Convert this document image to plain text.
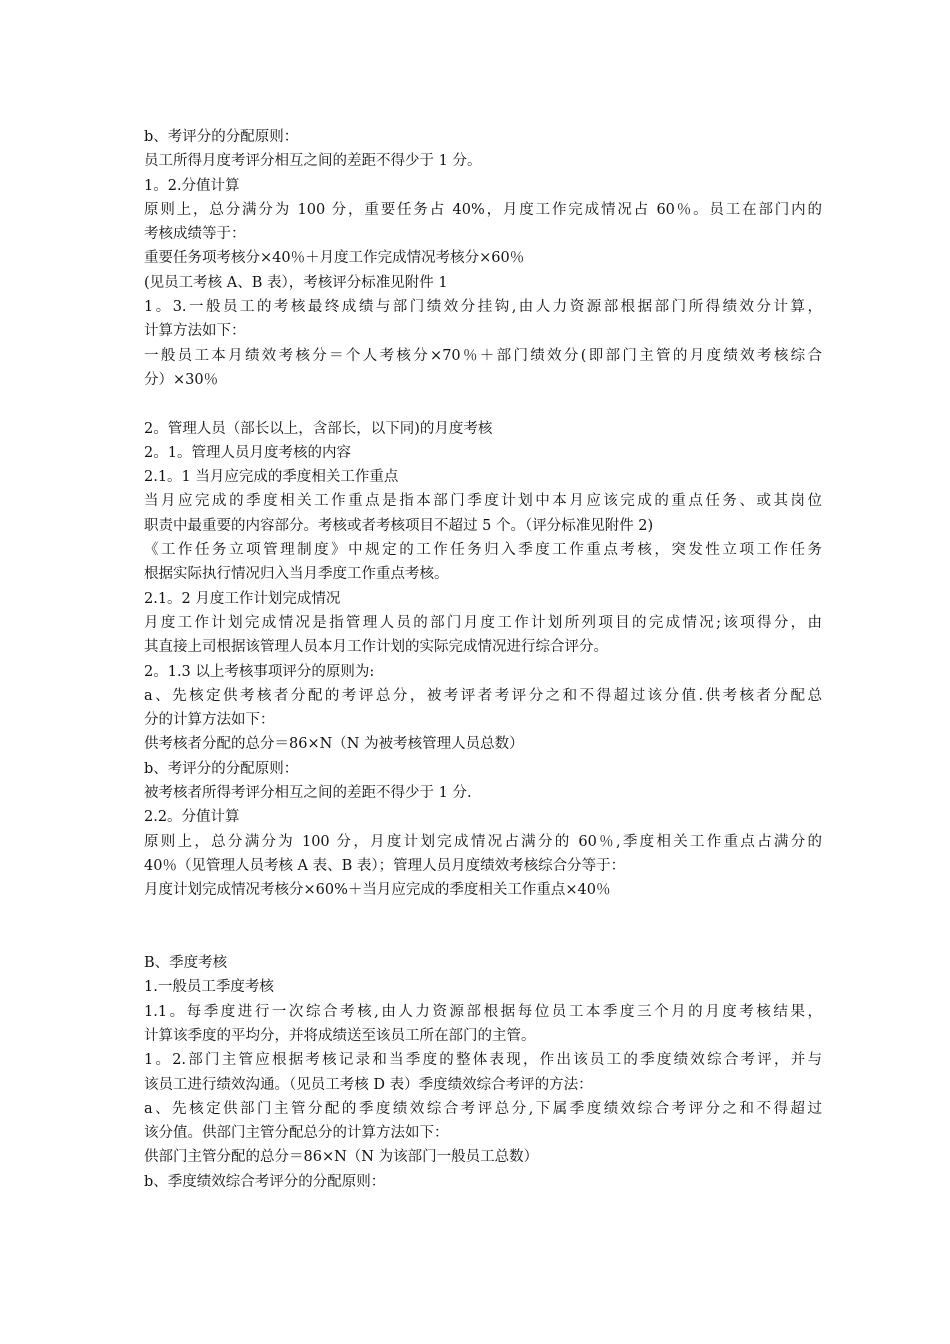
b、考评分的分配原则：
员工所得月度考评分相互之间的差距不得少于 1 分。
1。2.分值计算
原则上，总分满分为 100 分，重要任务占 40%，月度工作完成情况占 60％。员工在部门内的
考核成绩等于：
重要任务项考核分×40％＋月度工作完成情况考核分×60％
(见员工考核 A、B 表），考核评分标准见附件 1
1。3.一般员工的考核最终成绩与部门绩效分挂钩,由人力资源部根据部门所得绩效分计算，
计算方法如下：
一般员工本月绩效考核分＝个人考核分×70％＋部门绩效分(即部门主管的月度绩效考核综合
分）×30％
2。管理人员（部长以上，含部长，以下同)的月度考核
2。1。管理人员月度考核的内容
2.1。1 当月应完成的季度相关工作重点
当月应完成的季度相关工作重点是指本部门季度计划中本月应该完成的重点任务、或其岗位
职责中最重要的内容部分。考核或者考核项目不超过 5 个。（评分标准见附件 2)
《工作任务立项管理制度》中规定的工作任务归入季度工作重点考核，突发性立项工作任务
根据实际执行情况归入当月季度工作重点考核。
2.1。2 月度工作计划完成情况
月度工作计划完成情况是指管理人员的部门月度工作计划所列项目的完成情况;该项得分，由
其直接上司根据该管理人员本月工作计划的实际完成情况进行综合评分。
2。1.3 以上考核事项评分的原则为:
a、先核定供考核者分配的考评总分，被考评者考评分之和不得超过该分值.供考核者分配总
分的计算方法如下：
供考核者分配的总分＝86×N（N 为被考核管理人员总数）
b、考评分的分配原则：
被考核者所得考评分相互之间的差距不得少于 1 分.
2.2。分值计算
原则上，总分满分为 100 分，月度计划完成情况占满分的 60％,季度相关工作重点占满分的
40％（见管理人员考核 A 表、B 表）；管理人员月度绩效考核综合分等于：
月度计划完成情况考核分×60%＋当月应完成的季度相关工作重点×40％
B、季度考核
1.一般员工季度考核
1.1。每季度进行一次综合考核,由人力资源部根据每位员工本季度三个月的月度考核结果，
计算该季度的平均分，并将成绩送至该员工所在部门的主管。
1。2.部门主管应根据考核记录和当季度的整体表现，作出该员工的季度绩效综合考评，并与
该员工进行绩效沟通。（见员工考核 D 表）季度绩效综合考评的方法：
a、先核定供部门主管分配的季度绩效综合考评总分,下属季度绩效综合考评分之和不得超过
该分值。供部门主管分配总分的计算方法如下：
供部门主管分配的总分＝86×N（N 为该部门一般员工总数）
b、季度绩效综合考评分的分配原则：
